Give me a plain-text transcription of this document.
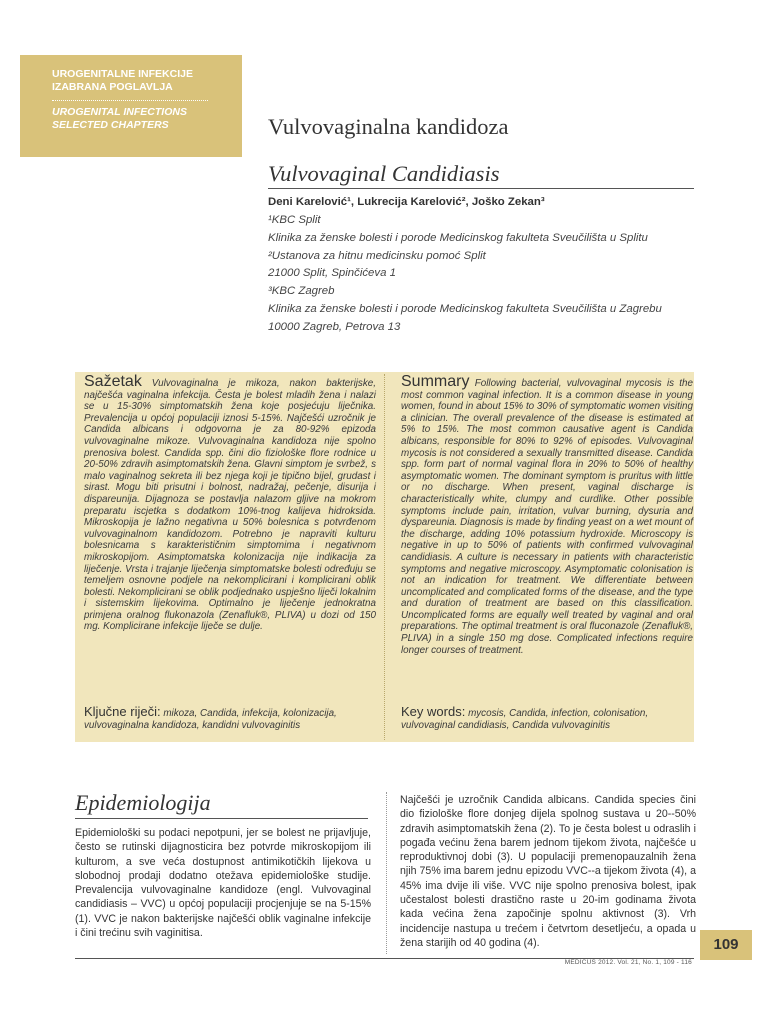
UROGENITALNE INFEKCIJE
IZABRANA POGLAVLJA
UROGENITAL INFECTIONS
SELECTED CHAPTERS	Vulvovaginalna kandidoza
Vulvovaginal Candidiasis
Deni Karelović¹, Lukrecija Karelović², Joško Zekan³
¹KBC Split
Klinika za ženske bolesti i porode Medicinskog fakulteta Sveučilišta u Splitu
²Ustanova za hitnu medicinsku pomoć Split
21000 Split, Spinčićeva 1
³KBC Zagreb
Klinika za ženske bolesti i porode Medicinskog fakulteta Sveučilišta u Zagrebu
10000 Zagreb, Petrova 13
Sažetak Vulvovaginalna je mikoza, nakon bakterijske, najčešća vaginalna infekcija. Česta je bolest mladih žena i nalazi se u 15-30% simptomatskih žena koje posjećuju liječnika. Prevalencija u općoj populaciji iznosi 5-15%. Najčešći uzročnik je Candida albicans i odgovorna je za 80-92% epizoda vulvovaginalne mikoze. Vulvovaginalna kandidoza nije spolno prenosiva bolest. Candida spp. čini dio fiziološke flore rodnice u 20-50% zdravih asimptomatskih žena. Glavni simptom je svrbež, s malo vaginalnog sekreta ili bez njega koji je tipično bijel, grudast i sirast. Mogu biti prisutni i bolnost, nadražaj, pečenje, disurija i dispareunija. Dijagnoza se postavlja nalazom gljive na mokrom preparatu iscjetka s dodatkom 10%-tnog kalijeva hidroksida. Mikroskopija je lažno negativna u 50% bolesnica s potvrđenom vulvovaginalnom kandidozom. Potrebno je napraviti kulturu bolesnicama s karakterističnim simptomima i negativnom mikroskopijom. Asimptomatska kolonizacija nije indikacija za liječenje. Vrsta i trajanje liječenja simptomatske bolesti određuju se temeljem osnovne podjele na nekomplicirani i komplicirani oblik bolesti. Nekomplicirani se oblik podjednako uspješno liječi lokalnim i sistemskim lijekovima. Optimalno je liječenje jednokratna primjena oralnog flukonazola (Zenafluk®, PLIVA) u dozi od 150 mg. Komplicirane infekcije liječe se dulje.
Summary Following bacterial, vulvovaginal mycosis is the most common vaginal infection. It is a common disease in young women, found in about 15% to 30% of symptomatic women visiting a clinician. The overall prevalence of the disease is estimated at 5% to 15%. The most common causative agent is Candida albicans, responsible for 80% to 92% of episodes. Vulvovaginal mycosis is not considered a sexually transmitted disease. Candida spp. form part of normal vaginal flora in 20% to 50% of healthy asymptomatic women. The dominant symptom is pruritus with little or no discharge. When present, vaginal discharge is characteristically white, clumpy and curdlike. Other possible symptoms include pain, irritation, vulvar burning, dysuria and dyspareunia. Diagnosis is made by finding yeast on a wet mount of the discharge, adding 10% potassium hydroxide. Microscopy is negative in up to 50% of patients with confirmed vulvovaginal candidiasis. A culture is necessary in patients with characteristic symptoms and negative microscopy. Asymptomatic colonisation is not an indication for treatment. We differentiate between uncomplicated and complicated forms of the disease, and the type and duration of treatment are based on this classification. Uncomplicated forms are equally well treated by vaginal and oral preparations. The optimal treatment is oral fluconazole (Zenafluk®, PLIVA) in a single 150 mg dose. Complicated infections require longer courses of treatment.
Ključne riječi: mikoza, Candida, infekcija, kolonizacija, vulvovaginalna kandidoza, kandidni vulvovaginitis
Key words: mycosis, Candida, infection, colonisation, vulvovaginal candidiasis, Candida vulvovaginitis
Epidemiologija
Epidemiološki su podaci nepotpuni, jer se bolest ne prijavljuje, često se rutinski dijagnosticira bez potvrde mikroskopijom ili kulturom, a sve veća dostupnost antimikotičkih lijekova u slobodnoj prodaji dodatno otežava epidemiološke studije. Prevalencija vulvovaginalne kandidoze (engl. Vulvovaginal candidiasis – VVC) u općoj populaciji procjenjuje se na 5-15% (1). VVC je nakon bakterijske najčešći oblik vaginalne infekcije i čini trećinu svih vaginitisa.
Najčešći je uzročnik Candida albicans. Candida species čini dio fiziološke flore donjeg dijela spolnog sustava u 20--50% zdravih asimptomatskih žena (2). To je česta bolest u odraslih i pogađa većinu žena barem jednom tijekom života, najčešće u reproduktivnoj dobi (3). U populaciji premenopauzalnih žena njih 75% ima barem jednu epizodu VVC--a tijekom života (4), a 45% ima dvije ili više. VVC nije spolno prenosiva bolest, ipak učestalost bolesti drastično raste u 20-im godinama života kada većina žena započinje spolnu aktivnost (3). Vrh incidencije nastupa u trećem i četvrtom desetljeću, a opada u žena starijih od 40 godina (4).	109
MEDICUS 2012. Vol. 21, No. 1, 109 - 116
